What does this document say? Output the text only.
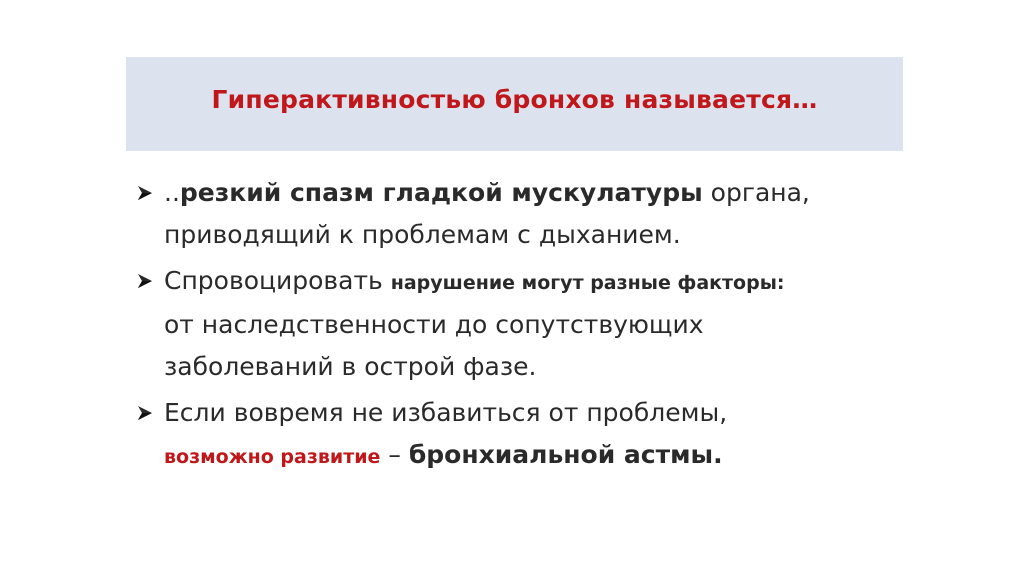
Гиперактивностью бронхов называется…
..резкий спазм гладкой мускулатуры органа,
приводящий к проблемам с дыханием.
Спровоцировать нарушение могут разные факторы:
от наследственности до сопутствующих
заболеваний в острой фазе.
Если вовремя не избавиться от проблемы,
возможно развитие – бронхиальной астмы.
